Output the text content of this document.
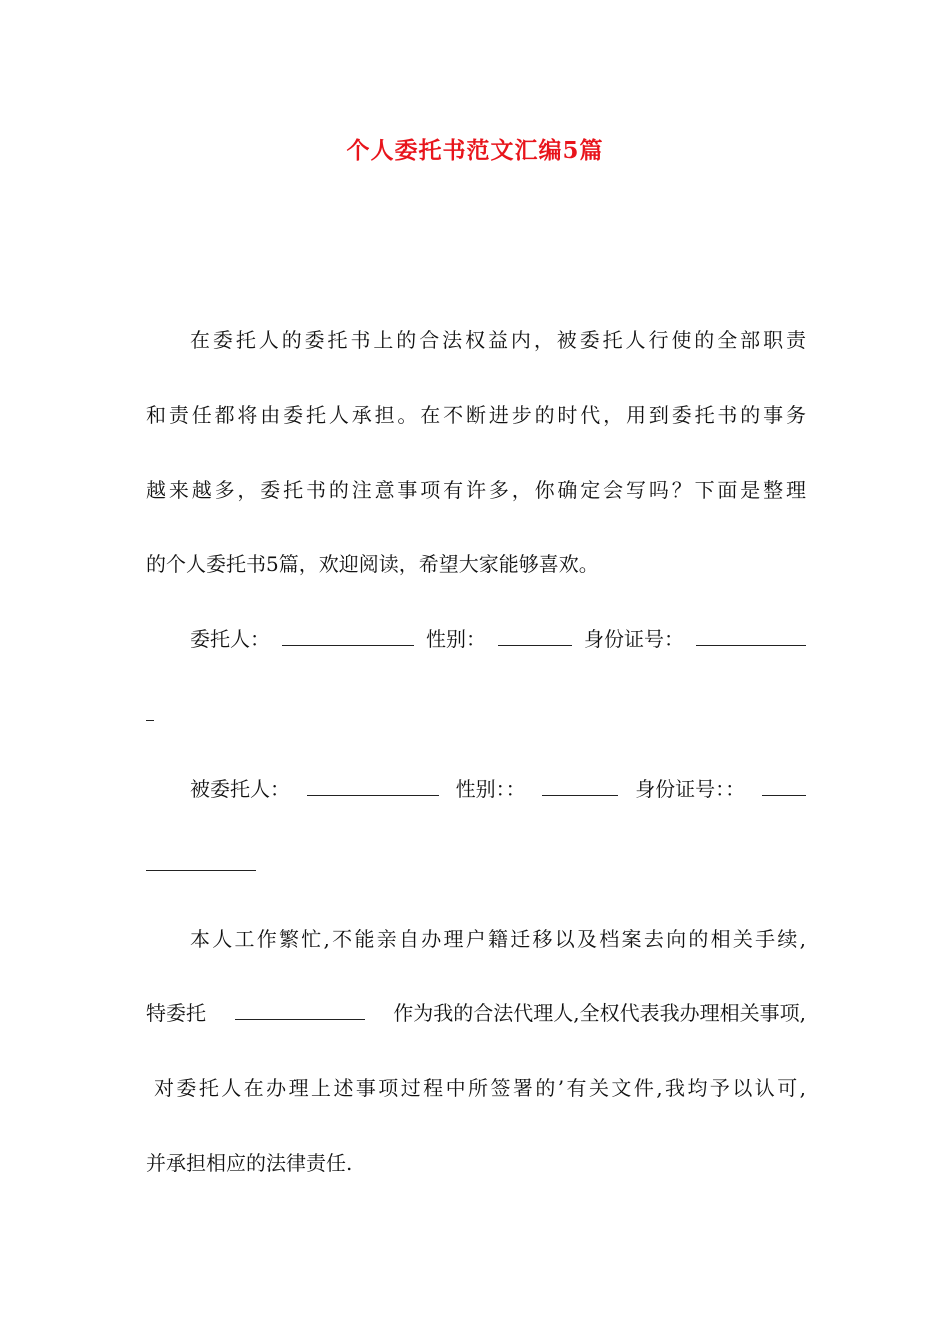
个人委托书范文汇编5篇
在委托人的委托书上的合法权益内，被委托人行使的全部职责
和责任都将由委托人承担。在不断进步的时代，用到委托书的事务
越来越多，委托书的注意事项有许多，你确定会写吗？下面是整理
的个人委托书5篇，欢迎阅读，希望大家能够喜欢。
委托人：	性别：	身份证号：
被委托人：	性别：：	身份证号：：
本人工作繁忙,不能亲自办理户籍迁移以及档案去向的相关手续,
特委托	作为我的合法代理人,全权代表我办理相关事项,
对委托人在办理上述事项过程中所签署的’有关文件,我均予以认可,
并承担相应的法律责任.
